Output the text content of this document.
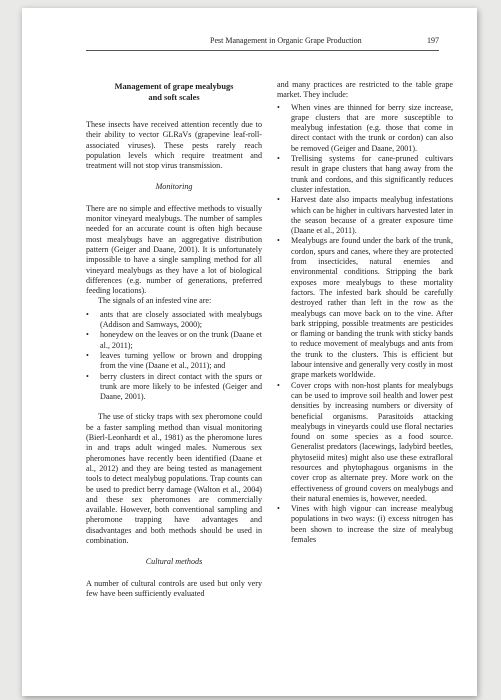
Pest Management in Organic Grape Production	197
Management of grape mealybugs
and soft scales

These insects have received attention recently due to their ability to vector GLRaVs (grapevine leaf-roll-associated viruses). These pests rarely reach population levels which require treatment and treatment will not stop virus transmission.

Monitoring

There are no simple and effective methods to visually monitor vineyard mealybugs. The number of samples needed for an accurate count is often high because most mealybugs have an aggregative distribution pattern (Geiger and Daane, 2001). It is unfortunately impossible to have a single sampling method for all vineyard mealybugs as they have a lot of biological differences (e.g. number of generations, preferred feeding locations).

The signals of an infested vine are:

• ants that are closely associated with mealybugs (Addison and Samways, 2000);
• honeydew on the leaves or on the trunk (Daane et al., 2011);
• leaves turning yellow or brown and dropping from the vine (Daane et al., 2011); and
• berry clusters in direct contact with the spurs or trunk are more likely to be infested (Geiger and Daane, 2001).

The use of sticky traps with sex pheromone could be a faster sampling method than visual monitoring (Bierl-Leonhardt et al., 1981) as the pheromone lures in and traps adult winged males. Numerous sex pheromones have recently been identified (Daane et al., 2012) and they are being tested as management tools to detect mealybug populations. Trap counts can be used to predict berry damage (Walton et al., 2004) and these sex pheromones are commercially available. However, both conventional sampling and pheromone trapping have advantages and disadvantages and both methods should be used in combination.

Cultural methods

A number of cultural controls are used but only very few have been sufficiently evaluated

and many practices are restricted to the table grape market. They include:

• When vines are thinned for berry size increase, grape clusters that are more susceptible to mealybug infestation (e.g. those that come in direct contact with the trunk or cordon) can also be removed (Geiger and Daane, 2001).
• Trellising systems for cane-pruned cultivars result in grape clusters that hang away from the trunk and cordons, and this significantly reduces cluster infestation.
• Harvest date also impacts mealybug infestations which can be higher in cultivars harvested later in the season because of a greater exposure time (Daane et al., 2011).
• Mealybugs are found under the bark of the trunk, cordon, spurs and canes, where they are protected from insecticides, natural enemies and environmental conditions. Stripping the bark exposes more mealybugs to these mortality factors. The infested bark should be carefully destroyed rather than left in the row as the mealybugs can move back on to the vine. After bark stripping, possible treatments are pesticides or flaming or banding the trunk with sticky bands to reduce movement of mealybugs and ants from the trunk to the clusters. This is efficient but labour intensive and generally very costly in most grape markets worldwide.
• Cover crops with non-host plants for mealybugs can be used to improve soil health and lower pest densities by increasing numbers or diversity of beneficial organisms. Parasitoids attacking mealybugs in vineyards could use floral nectaries found on some species as a food source. Generalist predators (lacewings, ladybird beetles, phytoseiid mites) might also use these extrafloral resources and phytophagous organisms in the cover crop as alternate prey. More work on the effectiveness of ground covers on mealybugs and their natural enemies is, however, needed.
• Vines with high vigour can increase mealybug populations in two ways: (i) excess nitrogen has been shown to increase the size of mealybug females
